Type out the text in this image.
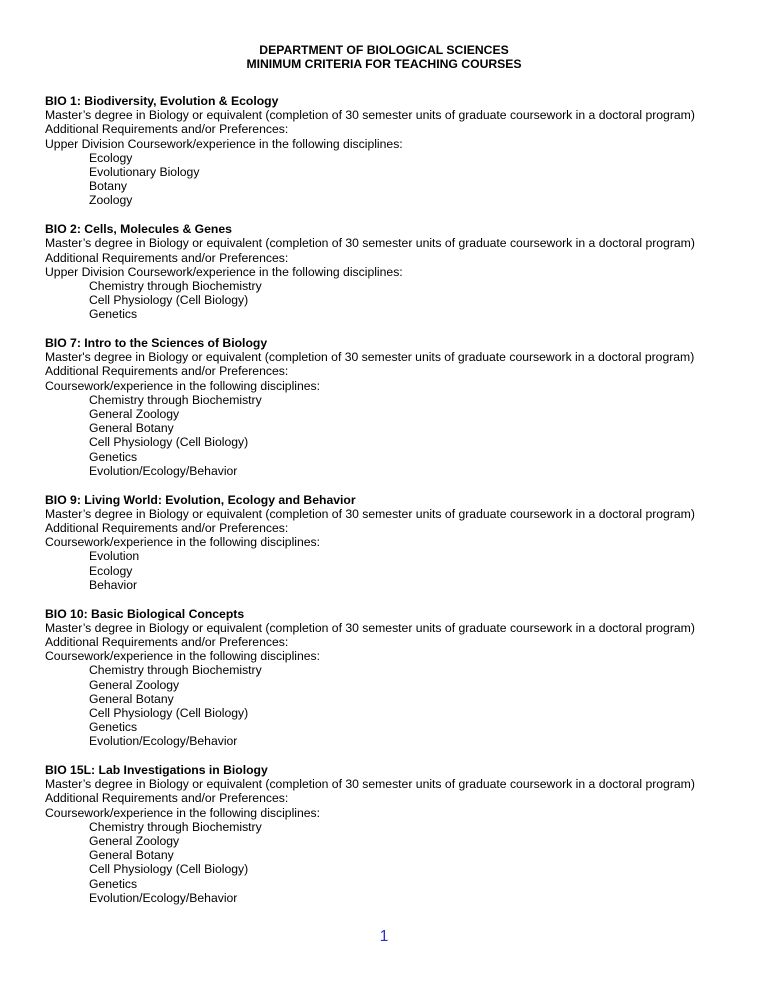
DEPARTMENT OF BIOLOGICAL SCIENCES
MINIMUM CRITERIA FOR TEACHING COURSES
BIO 1: Biodiversity, Evolution & Ecology
Master’s degree in Biology or equivalent (completion of 30 semester units of graduate coursework in a doctoral program)
Additional Requirements and/or Preferences:
Upper Division Coursework/experience in the following disciplines:
Ecology
Evolutionary Biology
Botany
Zoology
BIO 2: Cells, Molecules & Genes
Master’s degree in Biology or equivalent (completion of 30 semester units of graduate coursework in a doctoral program)
Additional Requirements and/or Preferences:
Upper Division Coursework/experience in the following disciplines:
Chemistry through Biochemistry
Cell Physiology (Cell Biology)
Genetics
BIO 7: Intro to the Sciences of Biology
Master's degree in Biology or equivalent (completion of 30 semester units of graduate coursework in a doctoral program)
Additional Requirements and/or Preferences:
Coursework/experience in the following disciplines:
Chemistry through Biochemistry
General Zoology
General Botany
Cell Physiology (Cell Biology)
Genetics
Evolution/Ecology/Behavior
BIO 9: Living World: Evolution, Ecology and Behavior
Master’s degree in Biology or equivalent (completion of 30 semester units of graduate coursework in a doctoral program)
Additional Requirements and/or Preferences:
Coursework/experience in the following disciplines:
Evolution
Ecology
Behavior
BIO 10: Basic Biological Concepts
Master’s degree in Biology or equivalent (completion of 30 semester units of graduate coursework in a doctoral program)
Additional Requirements and/or Preferences:
Coursework/experience in the following disciplines:
Chemistry through Biochemistry
General Zoology
General Botany
Cell Physiology (Cell Biology)
Genetics
Evolution/Ecology/Behavior
BIO 15L: Lab Investigations in Biology
Master’s degree in Biology or equivalent (completion of 30 semester units of graduate coursework in a doctoral program)
Additional Requirements and/or Preferences:
Coursework/experience in the following disciplines:
Chemistry through Biochemistry
General Zoology
General Botany
Cell Physiology (Cell Biology)
Genetics
Evolution/Ecology/Behavior
1
